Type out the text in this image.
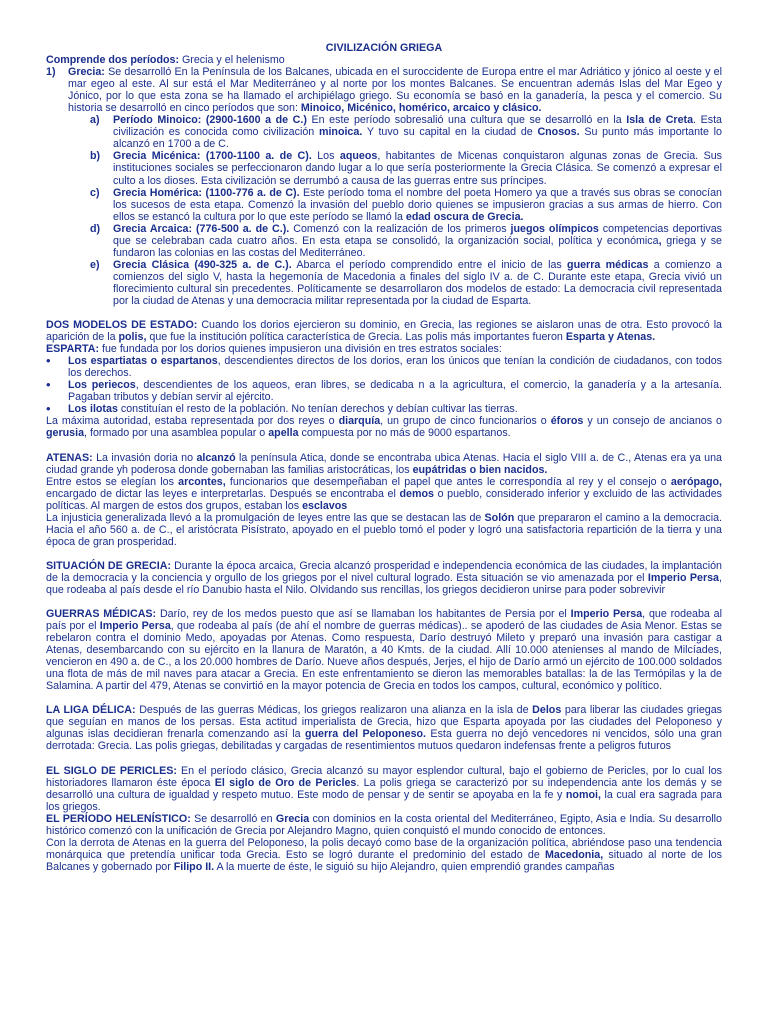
CIVILIZACIÓN GRIEGA

Comprende dos períodos: Grecia y el helenismo

1)	Grecia: Se desarrolló En la Península de los Balcanes, ubicada en el suroccidente de Europa entre el mar Adriático y jónico al oeste y el mar egeo al este. Al sur está el Mar Mediterráneo y al norte por los montes Balcanes. Se encuentran además Islas del Mar Egeo y Jónico, por lo que esta zona se ha llamado el archipiélago griego. Su economía se basó en la ganadería, la pesca y el comercio. Su historia se desarrolló en cinco períodos que son: Minoico, Micénico, homérico, arcaico y clásico.

a)	Período Minoico: (2900-1600 a de C.) En este período sobresalió una cultura que se desarrolló en la Isla de Creta. Esta civilización es conocida como civilización minoica. Y tuvo su capital en la ciudad de Cnosos. Su punto más importante lo alcanzó en 1700 a de C.

b)	Grecia Micénica: (1700-1100 a. de C). Los aqueos, habitantes de Micenas conquistaron algunas zonas de Grecia. Sus instituciones sociales se perfeccionaron dando lugar a lo que sería posteriormente la Grecia Clásica. Se comenzó a expresar el culto a los dioses. Esta civilización se derrumbó a causa de las guerras entre sus príncipes.

c)	Grecia Homérica: (1100-776 a. de C). Este período toma el nombre del poeta Homero ya que a través sus obras se conocían los sucesos de esta etapa. Comenzó la invasión del pueblo dorio quienes se impusieron gracias a sus armas de hierro. Con ellos se estancó la cultura por lo que este período se llamó la edad oscura de Grecia.

d)	Grecia Arcaica: (776-500 a. de C.). Comenzó con la realización de los primeros juegos olímpicos competencias deportivas que se celebraban cada cuatro años. En esta etapa se consolidó, la organización social, política y económica, griega y se fundaron las colonias en las costas del Mediterráneo.

e)	Grecia Clásica (490-325 a. de C.). Abarca el período comprendido entre el inicio de las guerra médicas a comienzo a comienzos del siglo V, hasta la hegemonía de Macedonia a finales del siglo IV a. de C. Durante este etapa, Grecia vivió un florecimiento cultural sin precedentes. Políticamente se desarrollaron dos modelos de estado: La democracia civil representada por la ciudad de Atenas y una democracia militar representada por la ciudad de Esparta.

DOS MODELOS DE ESTADO: Cuando los dorios ejercieron su dominio, en Grecia, las regiones se aislaron unas de otra. Esto provocó la aparición de la polis, que fue la institución política característica de Grecia. Las polis más importantes fueron Esparta y Atenas.

ESPARTA: fue fundada por los dorios quienes impusieron una división en tres estratos sociales:

•	Los espartiatas o espartanos, descendientes directos de los dorios, eran los únicos que tenían la condición de ciudadanos, con todos los derechos.

•	Los periecos, descendientes de los aqueos, eran libres, se dedicaba n a la agricultura, el comercio, la ganadería y a la artesanía. Pagaban tributos y debían servir al ejército.

•	Los ilotas constituían el resto de la población. No tenían derechos y debían cultivar las tierras.

La máxima autoridad, estaba representada por dos reyes o diarquía, un grupo de cinco funcionarios o éforos y un consejo de ancianos o gerusia, formado por una asamblea popular o apella compuesta por no más de 9000 espartanos.

ATENAS: La invasión doria no alcanzó la península Atica, donde se encontraba ubica Atenas. Hacia el siglo VIII a. de C., Atenas era ya una ciudad grande yh poderosa donde gobernaban las familias aristocráticas, los eupátridas o bien nacidos.

Entre estos se elegían los arcontes, funcionarios que desempeñaban el papel que antes le correspondía al rey y el consejo o aerópago, encargado de dictar las leyes e interpretarlas. Después se encontraba el demos o pueblo, considerado inferior y excluido de las actividades políticas. Al margen de estos dos grupos, estaban los esclavos

La injusticia generalizada llevó a la promulgación de leyes entre las que se destacan las de Solón que prepararon el camino a la democracia. Hacia el año 560 a. de C., el aristócrata Pisístrato, apoyado en el pueblo tomó el poder y logró una satisfactoria repartición de la tierra y una época de gran prosperidad.

SITUACIÓN DE GRECIA: Durante la época arcaica, Grecia alcanzó prosperidad e independencia económica de las ciudades, la implantación de la democracia y la conciencia y orgullo de los griegos por el nivel cultural logrado. Esta situación se vio amenazada por el Imperio Persa, que rodeaba al país desde el río Danubio hasta el Nilo. Olvidando sus rencillas, los griegos decidieron unirse para poder sobrevivir

GUERRAS MÉDICAS: Darío, rey de los medos puesto que así se llamaban los habitantes de Persia por el Imperio Persa, que rodeaba al país por el Imperio Persa, que rodeaba al país (de ahí el nombre de guerras médicas).. se apoderó de las ciudades de Asia Menor. Estas se rebelaron contra el dominio Medo, apoyadas por Atenas. Como respuesta, Darío destruyó Mileto y preparó una invasión para castigar a Atenas, desembarcando con su ejército en la llanura de Maratón, a 40 Kmts. de la ciudad. Allí 10.000 atenienses al mando de Milcíades, vencieron en 490 a. de C., a los 20.000 hombres de Darío. Nueve años después, Jerjes, el hijo de Darío armó un ejército de 100.000 soldados una flota de más de mil naves para atacar a Grecia. En este enfrentamiento se dieron las memorables batallas: la de las Termópilas y la de Salamina. A partir del 479, Atenas se convirtió en la mayor potencia de Grecia en todos los campos, cultural, económico y político.

LA LIGA DÉLICA: Después de las guerras Médicas, los griegos realizaron una alianza en la isla de Delos para liberar las ciudades griegas que seguían en manos de los persas. Esta actitud imperialista de Grecia, hizo que Esparta apoyada por las ciudades del Peloponeso y algunas islas decidieran frenarla comenzando así la guerra del Peloponeso. Esta guerra no dejó vencedores ni vencidos, sólo una gran derrotada: Grecia. Las polis griegas, debilitadas y cargadas de resentimientos mutuos quedaron indefensas frente a peligros futuros

EL SIGLO DE PERICLES: En el período clásico, Grecia alcanzó su mayor esplendor cultural, bajo el gobierno de Pericles, por lo cual los historiadores llamaron éste época El siglo de Oro de Pericles. La polis griega se caracterizó por su independencia ante los demás y se desarrolló una cultura de igualdad y respeto mutuo. Este modo de pensar y de sentir se apoyaba en la fe y nomoi, la cual era sagrada para los griegos.

EL PERÍODO HELENÍSTICO: Se desarrolló en Grecia con dominios en la costa oriental del Mediterráneo, Egipto, Asia e India. Su desarrollo histórico comenzó con la unificación de Grecia por Alejandro Magno, quien conquistó el mundo conocido de entonces.

Con la derrota de Atenas en la guerra del Peloponeso, la polis decayó como base de la organización política, abriéndose paso una tendencia monárquica que pretendía unificar toda Grecia. Esto se logró durante el predominio del estado de Macedonia, situado al norte de los Balcanes y gobernado por Filipo II. A la muerte de éste, le siguió su hijo Alejandro, quien emprendió grandes campañas
